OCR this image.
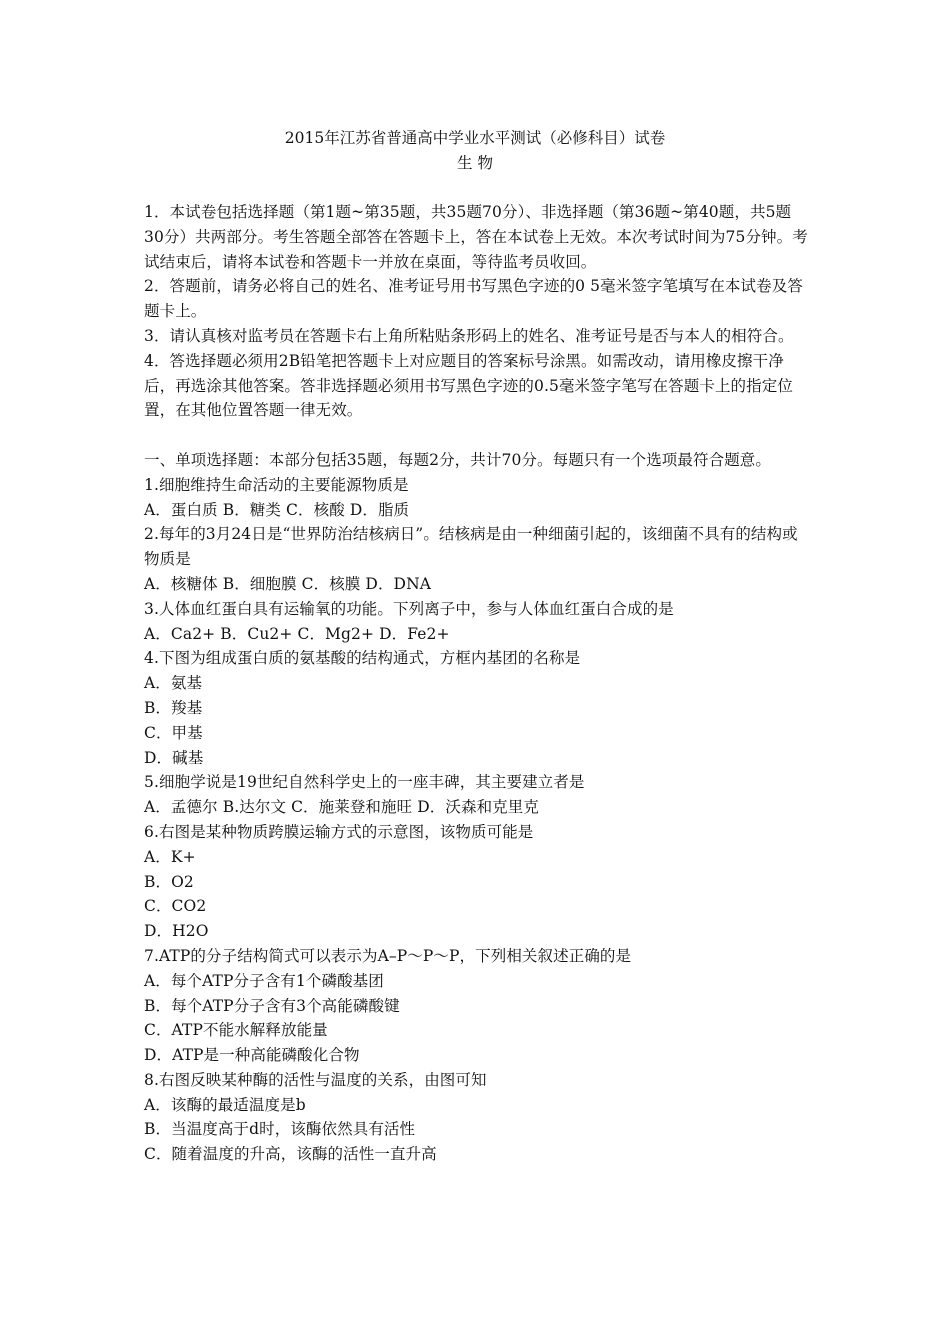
2015年江苏省普通高中学业水平测试（必修科目）试卷
生 物

1．本试卷包括选择题（第1题~第35题，共35题70分）、非选择题（第36题~第40题，共5题30分）共两部分。考生答题全部答在答题卡上，答在本试卷上无效。本次考试时间为75分钟。考试结束后，请将本试卷和答题卡一并放在桌面，等待监考员收回。

2．答题前，请务必将自己的姓名、准考证号用书写黑色字迹的0 5毫米签字笔填写在本试卷及答题卡上。

3．请认真核对监考员在答题卡右上角所粘贴条形码上的姓名、准考证号是否与本人的相符合。

4．答选择题必须用2B铅笔把答题卡上对应题目的答案标号涂黑。如需改动，请用橡皮擦干净后，再选涂其他答案。答非选择题必须用书写黑色字迹的0.5毫米签字笔写在答题卡上的指定位置，在其他位置答题一律无效。

一、单项选择题：本部分包括35题，每题2分，共计70分。每题只有一个选项最符合题意。

1.细胞维持生命活动的主要能源物质是

A．蛋白质 B．糖类 C．核酸 D．脂质

2.每年的3月24日是“世界防治结核病日”。结核病是由一种细菌引起的，该细菌不具有的结构或物质是

A．核糖体 B．细胞膜 C．核膜 D．DNA

3.人体血红蛋白具有运输氧的功能。下列离子中，参与人体血红蛋白合成的是

A．Ca2+ B．Cu2+ C．Mg2+ D．Fe2+

4.下图为组成蛋白质的氨基酸的结构通式，方框内基团的名称是

A．氨基

B．羧基

C．甲基

D．碱基

5.细胞学说是19世纪自然科学史上的一座丰碑，其主要建立者是

A．孟德尔 B.达尔文 C．施莱登和施旺 D．沃森和克里克

6.右图是某种物质跨膜运输方式的示意图，该物质可能是

A．K+

B．O2

C．CO2

D．H2O

7.ATP的分子结构简式可以表示为A–P～P～P，下列相关叙述正确的是

A．每个ATP分子含有1个磷酸基团

B．每个ATP分子含有3个高能磷酸键

C．ATP不能水解释放能量

D．ATP是一种高能磷酸化合物

8.右图反映某种酶的活性与温度的关系，由图可知

A．该酶的最适温度是b

B．当温度高于d时，该酶依然具有活性

C．随着温度的升高，该酶的活性一直升高
